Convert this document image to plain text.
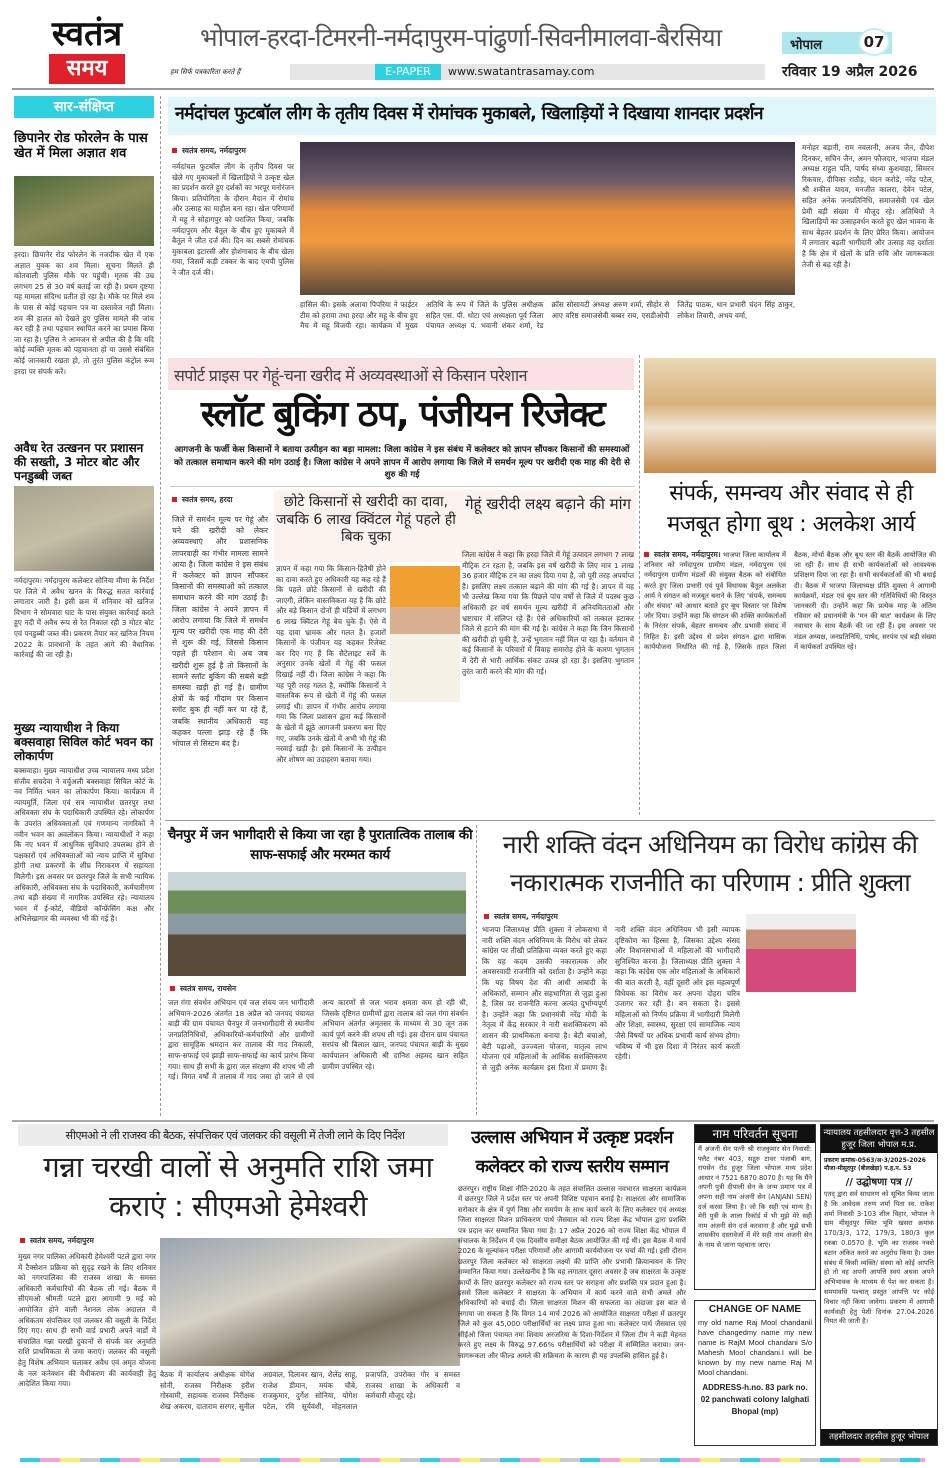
स्वतंत्र
समय
भोपाल-हरदा-टिमरनी-नर्मदापुरम-पांढुर्णा-सिवनीमालवा-बैरसिया
हम सिर्फ पत्रकारिता करते हैं	E-PAPER	www.swatantrasamay.com
भोपाल	07
रविवार 19 अप्रैल 2026
सार-संक्षिप्त
छिपानेर रोड फोरलेन के पास खेत में मिला अज्ञात शव
हरदा। छिपानेर रोड फोरलेन के नजदीक खेत में एक अज्ञात युवक का शव मिला। सूचना मिलते ही कोतवाली पुलिस मौके पर पहुंची। मृतक की उम्र लगभग 25 से 30 वर्ष बताई जा रही है। प्रथम दृष्टया यह मामला संदिग्ध प्रतीत हो रहा है। मौके पर मिले शव के पास से कोई पहचान पत्र या दस्तावेज नहीं मिला। शव की हालत को देखते हुए पुलिस मामले की जांच कर रही है तथा पहचान स्थापित करने का प्रयास किया जा रहा है। पुलिस ने आमजन से अपील की है कि यदि कोई व्यक्ति मृतक को पहचानता हो या उससे संबंधित कोई जानकारी रखता हो, तो तुरंत पुलिस कंट्रोल रूम हरदा पर संपर्क करें।
अवैध रेत उत्खनन पर प्रशासन की सख्ती, 3 मोटर बोट और पनडुब्बी जब्त
नर्मदापुरम। नर्मदापुरम कलेक्टर सोनिया मीणा के निर्देश पर जिले में अवैध खनन के विरुद्ध सतत कार्रवाई लगातार जारी है। इसी क्रम में शनिवार को खनिज विभाग ने सोमवारा घाट के पास संयुक्त कार्रवाई करते हुए नदी में अवैध रूप से रेत निकाल रही 3 मोटर बोट एवं पनडुब्बी जब्त की। प्रकरण तैयार कर खनिज नियम 2022 के प्रावधानों के तहत आगे की वैधानिक कार्रवाई की जा रही है।
मुख्य न्यायाधीश ने किया बक्सवाहा सिविल कोर्ट भवन का लोकार्पण
बक्सवाहा। मुख्य न्यायाधीश उच्च न्यायालय मध्य प्रदेश संजीव सचदेवा ने वर्चुअली बक्सवाहा सिविल कोर्ट के नव निर्मित भवन का लोकार्पण किया। कार्यक्रम में न्यायमूर्ति, जिला एवं सत्र न्यायाधीश छतरपुर तथा अधिवक्ता संघ के पदाधिकारी उपस्थित रहे। लोकार्पण के उपरांत अधिवक्ताओं एवं गणमान्य नागरिकों ने नवीन भवन का अवलोकन किया। न्यायाधीशों ने कहा कि नए भवन में आधुनिक सुविधाएं उपलब्ध होने से पक्षकारों एवं अधिवक्ताओं को न्याय प्राप्ति में सुविधा होगी तथा प्रकरणों के शीघ्र निराकरण में सहायता मिलेगी। इस अवसर पर छतरपुर जिले के सभी न्यायिक अधिकारी, अधिवक्ता संघ के पदाधिकारी, कर्मचारीगण तथा बड़ी संख्या में नागरिक उपस्थित रहे। न्यायालय भवन में ई-कोर्ट, वीडियो कॉन्फ्रेंसिंग कक्ष और अभिलेखागार की व्यवस्था भी की गई है।
नर्मदांचल फुटबॉल लीग के तृतीय दिवस में रोमांचक मुकाबले, खिलाड़ियों ने दिखाया शानदार प्रदर्शन
स्वतंत्र समय, नर्मदापुरम
नर्मदांचल फुटबॉल लीग के तृतीय दिवस पर खेले गए मुकाबलों में खिलाड़ियों ने उत्कृष्ट खेल का प्रदर्शन करते हुए दर्शकों का भरपूर मनोरंजन किया। प्रतियोगिता के दौरान मैदान में रोमांच और उत्साह का माहौल बना रहा। खेल परिणामों में महू ने सोहागपुर को पराजित किया, जबकि नर्मदापुरम और बैतूल के बीच हुए मुकाबले में बैतूल ने जीत दर्ज की। दिन का सबसे रोमांचक मुकाबला इटारसी और होशंगाबाद के बीच खेला गया, जिसमें कड़ी टक्कर के बाद एमपी पुलिस ने जीत दर्ज की।
हासिल की। इसके अलावा पिपरिया ने फाईटर टीम को हराया तथा हरदा और महू के बीच हुए मैच में महू विजयी रहा। कार्यक्रम में मुख्य अतिथि के रूप में जिले के पुलिस अधीक्षक सहित एस. पी. धोटा एवं अध्यक्षता पूर्व जिला पंचायत अध्यक्ष पं. भवानी शंकर शर्मा, रेड क्रॉस सोसायटी अध्यक्ष अरुण शर्मा, सीहोर से आए वरिष्ठ समाजसेवी बब्बर राय, एसडीओपी जितेंद्र पाठक, धान प्रभारी चंदन सिंह ठाकुर, लोकेश तिवारी, अभय वर्मा,
मनोहर बड़ानी, राम नवलानी, अजय जैन, दीपेश दिनकर, सचिन जैन, अमन फौजदार, भाजपा मंडल अध्यक्ष राहुल पति, पार्षद संध्या कुशवाहा, सिमरन रिकवार, दीपिका राठौड़, चंदन करोडे, नरेंद्र पटेल, श्री शकील यादव, मनजीत कालरा, देवेन पटेल, सहित अनेक जनप्रतिनिधि, समाजसेवी एवं खेल प्रेमी बड़ी संख्या में मौजूद रहे। अतिथियों ने खिलाड़ियों का उत्साहवर्धन करते हुए खेल भावना के साथ बेहतर प्रदर्शन के लिए प्रेरित किया। आयोजन में लगातार बढ़ती भागीदारी और उत्साह यह दर्शाता है कि क्षेत्र में खेलों के प्रति रुचि और जागरूकता तेजी से बढ़ रही है।
सपोर्ट प्राइस पर गेहूं-चना खरीद में अव्यवस्थाओं से किसान परेशान
स्लॉट बुकिंग ठप, पंजीयन रिजेक्ट
आगजनी के फर्जी केस किसानों ने बताया उत्पीड़न का बड़ा मामला: जिला कांग्रेस ने इस संबंध में कलेक्टर को ज्ञापन सौंपकर किसानों की समस्याओं को तत्काल समाधान करने की मांग उठाई है। जिला कांग्रेस ने अपने ज्ञापन में आरोप लगाया कि जिले में समर्थन मूल्य पर खरीदी एक माह की देरी से शुरु की गई
स्वतंत्र समय, हरदा
जिले में समर्थन मूल्य पर गेहूं और चने की खरीदी को लेकर अव्यवस्थाएं और प्रशासनिक लापरवाही का गंभीर मामला सामने आया है। जिला कांग्रेस ने इस संबंध में कलेक्टर को ज्ञापन सौंपकर किसानों की समस्याओं को तत्काल समाधान करने की मांग उठाई है। जिला कांग्रेस ने अपने ज्ञापन में आरोप लगाया कि जिले में समर्थन मूल्य पर खरीदी एक माह की देरी से शुरू की गई, जिससे किसान पहले ही परेशान थे। अब जब खरीदी शुरू हुई है तो किसानों के सामने स्लॉट बुकिंग की सबसे बड़ी समस्या खड़ी हो गई है। ग्रामीण क्षेत्रों के कई गौदाम पर किसान स्लॉट बुक ही नहीं कर पा रहे हैं, जबकि स्थानीय अधिकारी यह कहकर पल्ला झाड़ रहे हैं कि भोपाल से सिस्टम बंद है।
छोटे किसानों से खरीदी का दावा, जबकि 6 लाख क्विंटल गेहूं पहले ही बिक चुका
ज्ञापन में कहा गया कि किसान-हितैषी होने का दावा करते हुए अधिकारी यह कह रहे हैं कि पहले छोटे किसानों से खरीदी की जाएगी, लेकिन वास्तविकता यह है कि छोटे और बड़े किसान दोनों ही मंडियों में लगभग 6 लाख क्विंटल गेहूं बेच चुके हैं। ऐसे में यह दावा भ्रामक और गलत है। हजारों किसानों के पंजीयन यह कहकर रिजेक्ट कर दिए गए हैं कि सैटेलाइट सर्वे के अनुसार उनके खेतों में गेहूं की फसल दिखाई नहीं दी। जिला कांग्रेस ने कहा कि यह पूरी तरह गलत है, क्योंकि किसानों ने वास्तविक रूप से खेती में गेहूं की फसल लगाई थी। ज्ञापन में गंभीर आरोप लगाया गया कि जिला प्रशासन द्वारा कई किसानों के खेतों में झूठे आगजनी प्रकरण बना दिए गए, जबकि उनके खेतों में अभी भी गेहूं की नरवाई खड़ी है। इसे किसानों के उत्पीड़न और शोषण का उदाहरण बताया गया।
गेहूं खरीदी लक्ष्य बढ़ाने की मांग
जिला कांग्रेस ने कहा कि हरदा जिले में गेहूं उत्पादन लगभग 7 लाख मीट्रिक टन रहता है, जबकि इस वर्ष खरीदी के लिए मात्र 1 लाख 36 हजार मीट्रिक टन का लक्ष्य दिया गया है, जो पूरी तरह अपर्याप्त है। इसलिए लक्ष्य तत्काल बढ़ाने की मांग की गई है। ज्ञापन में यह भी उल्लेख किया गया कि पिछले पांच वर्षों से जिले में पदस्थ कुछ अधिकारी हर वर्ष समर्थन मूल्य खरीदी में अनियमितताओं और भ्रष्टाचार में संलिप्त रहे हैं। ऐसे अधिकारियों को तत्काल हटाकर जिले से हटाने की मांग की गई है। कांग्रेस ने कहा कि जिन किसानों की खरीदी हो चुकी है, उन्हें भुगतान नहीं मिल पा रहा है। वर्तमान में कई किसानों के परिवारों में विवाह समारोह होने के कारण भुगतान में देरी से भारी आर्थिक संकट उत्पन्न हो रहा है। इसलिए भुगतान तुरंत जारी करने की मांग की गई।
संपर्क, समन्वय और संवाद से ही मजबूत होगा बूथ : अलकेश आर्य
स्वतंत्र समय, नर्मदापुरम। भाजपा जिला कार्यालय में शनिवार को नर्मदापुरम ग्रामीण मंडल, नर्मदापुरम एवं नर्मदापुरम ग्रामीण मंडलों की संयुक्त बैठक को संबोधित करते हुए जिला प्रभारी एवं पूर्व विधायक बैतूल अलकेश आर्य ने संगठन को मजबूत बनाने के लिए 'संपर्क, समन्वय और संवाद' को आधार बताते हुए बूथ विस्तार पर विशेष जोर दिया। उन्होंने कहा कि संगठन की शक्ति कार्यकर्ताओं के निरंतर संपर्क, बेहतर समन्वय और प्रभावी संवाद में निहित है। इसी उद्देश्य से प्रदेश संगठन द्वारा मासिक कार्ययोजना निर्धारित की गई है, जिसके तहत जिला बैठक, मोर्चा बैठक और बूथ स्तर की बैठकें आयोजित की जा रही हैं। साथ ही सभी कार्यकर्ताओं को आवश्यक प्रशिक्षण दिया जा रहा है। सभी कार्यकर्ताओं की भी बधाई दी। बैठक में भाजपा जिलाध्यक्ष प्रीति शुक्ला ने आगामी कार्यक्रमों, मंडल एवं बूथ स्तर की गतिविधियों की विस्तृत जानकारी दी। उन्होंने कहा कि प्रत्येक माह के अंतिम रविवार को प्रधानमंत्री के 'मन की बात' कार्यक्रम के लिए नवाचार के साथ बैठकें की जा रही हैं। इस अवसर पर मंडल अध्यक्ष, जनप्रतिनिधि, पार्षद, सरपंच एवं बड़ी संख्या में कार्यकर्ता उपस्थित रहे।
चैनपुर में जन भागीदारी से किया जा रहा है पुरातात्विक तालाब की साफ-सफाई और मरम्मत कार्य
स्वतंत्र समय, रायसेन
जल गंगा संवर्धन अभियान एवं जल संचय जन भागीदारी अभियान-2026 अंतर्गत 18 अप्रैल को जनपद पंचायत बाड़ी की ग्राम पंचायत चैनपुर में जनभागीदारी से स्थानीय जनप्रतिनिधियों, अधिकारियों-कर्मचारियों और ग्रामीणों द्वारा सामूहिक श्रमदान कर तालाब की गाद निकाली, साफ-सफाई एवं झाड़ी साफ-सफाई का कार्य प्रारंभ किया गया। साथ ही सभी के द्वारा जल संरक्षण की शपथ भी ली गई। विगत वर्षों में तालाब में गाद जमा हो जाने से एवं अन्य कारणों से जल भराव क्षमता कम हो रही थी, जिसके दृष्टिगत ग्रामीणों द्वारा तालाब को जल गंगा संवर्धन अभियान अंतर्गत अमृतसर के माध्यम से 30 जून तक कार्य पूर्ण करने की शपथ ली गई। इस दौरान ग्राम पंचायत सरपंच श्री बिलाल खान, जनपद पंचायत बाड़ी के मुख्य कार्यपालन अधिकारी श्री दानिश अहमद खान सहित ग्रामीण उपस्थित रहे।
नारी शक्ति वंदन अधिनियम का विरोध कांग्रेस की नकारात्मक राजनीति का परिणाम : प्रीति शुक्ला
स्वतंत्र समय, नर्मदापुरम
भाजपा जिलाध्यक्ष प्रीति शुक्ला ने लोकसभा में नारी शक्ति वंदन अधिनियम के विरोध को लेकर कांग्रेस पर तीखी प्रतिक्रिया व्यक्त करते हुए कहा कि यह कदम उसकी नकारात्मक और अवसरवादी राजनीति को दर्शाता है। उन्होंने कहा कि यह विषय देश की आधी आबादी के अधिकारों, सम्मान और सहभागिता से जुड़ा हुआ है, जिस पर राजनीति करना अत्यंत दुर्भाग्यपूर्ण है। उन्होंने कहा कि प्रधानमंत्री नरेंद्र मोदी के नेतृत्व में केंद्र सरकार ने नारी सशक्तिकरण को शासन की प्राथमिकता बनाया है। बेटी बचाओ, बेटी पढ़ाओ, उज्ज्वला योजना, मातृत्व लाभ योजना एवं महिलाओं के आर्थिक सशक्तिकरण से जुड़ी अनेक कार्यक्रम इस दिशा में प्रमाण हैं। नारी शक्ति वंदन अधिनियम भी इसी व्यापक दृष्टिकोण का हिस्सा है, जिसका उद्देश्य संसद और विधानसभाओं में महिलाओं की भागीदारी सुनिश्चित करना है। जिलाध्यक्ष प्रीति शुक्ला ने कहा कि कांग्रेस एक ओर महिलाओं के अधिकारों की बात करती है, वहीं दूसरी ओर इस महत्वपूर्ण विधेयक का विरोध कर अपना दोहरा चरित्र उजागर कर रही है। बन सकता है। इससे महिलाओं को निर्णय प्रक्रिया में भागीदारी मिलेगी और शिक्षा, स्वास्थ्य, सुरक्षा एवं सामाजिक न्याय जैसे विषयों पर अधिक प्रभावी कार्य संभव होगा। भविष्य में भी इस दिशा में निरंतर कार्य करती रहेगी।
सीएमओ ने ली राजस्व की बैठक, संपत्तिकर एवं जलकर की वसूली में तेजी लाने के दिए निर्देश
गन्ना चरखी वालों से अनुमति राशि जमा कराएं : सीएमओ हेमेश्वरी
स्वतंत्र समय, नर्मदापुरम
मुख्य नगर पालिका अधिकारी हेमेश्वरी पटले द्वारा नगर में टैक्सेशन प्रक्रिया को सुदृढ़ रखने के लिए शनिवार को नगरपालिका की राजस्व शाखा के समस्त अधिकारी कर्मचारियों की बैठक ली गई। बैठक में सीएमओ श्रीमती पटले द्वारा आगामी 9 मई को आयोजित होने वाली नेशनल लोक अदालत में अधिकतम संपत्तिकर एवं जलकर की वसूली के निर्देश दिए गए। साथ ही सभी वार्ड प्रभारी अपने वार्डों में संचालित गन्ना चरखी दुकानों से संपर्क कर अनुमति राशि प्राथमिकता से जमा कराएं। जलकर की वसूली हेतु विशेष अभियान चलाकर अवैध एवं अमृत योजना के नल कनेक्शन की वैधीकरण की कार्यवाही हेतु आदेशित किया गया।
बैठक में कार्यालय अधीक्षक योगेश सोनी, राजस्व निरीक्षक हरीश गोस्वामी, सहायक राजस्व निरीक्षक शेख अकरम, दाताराम सरगर, सुनील अग्रवाल, दिलावर खान, शैलेंद्र साहू, राजेश डीमान, मयंक चौबे, राजकुमार, दुर्गेश सोनिया, योगेश पटेल, रवि सूर्यवंशी, मोहनलाल प्रजापति, उपरोक्त गौर व समस्त राजस्व शाखा के अधिकारी व कर्मचारी मौजूद रहे।
उल्लास अभियान में उत्कृष्ट प्रदर्शन कलेक्टर को राज्य स्तरीय सम्मान
छतरपुर। राष्ट्रीय शिक्षा नीति-2020 के तहत संचालित उल्लास नवभारत साक्षरता कार्यक्रम में छतरपुर जिले ने प्रदेश स्तर पर अपनी विशिष्ट पहचान बनाई है। साक्षरता और सामाजिक सरोकार के क्षेत्र में पूर्ण निष्ठा और समर्पण के साथ कार्य करने के लिए कलेक्टर एवं अध्यक्ष जिला साक्षरता मिशन प्राधिकरण पार्थ जैसवाल को राज्य शिक्षा केंद्र भोपाल द्वारा प्रशस्ति पत्र प्रदान कर सम्मानित किया गया है। 17 अप्रैल 2026 को राज्य शिक्षा केंद्र भोपाल में संचालक के निर्देशन में एक दिवसीय समीक्षा बैठक आयोजित की गई थी। इस बैठक में मार्च 2026 के मूल्यांकन परीक्षा परिणामों और आगामी कार्ययोजना पर चर्चा की गई। इसी दौरान छतरपुर जिला कलेक्टर को साक्षरता लक्ष्यों की प्राप्ति और प्रभावी क्रियान्वयन के लिए सम्मानित किया गया। उल्लेखनीय है कि यह लगातार दूसरा अवसर है जब साक्षरता के उत्कृष्ट कार्यों के लिए छतरपुर कलेक्टर को राज्य स्तर पर सराहना और प्रशस्ति पत्र प्रदान हुआ है। इससे जिला कलेक्टर ने साक्षरता के अभियान में कार्य करने वाले सभी अमले और अधिकारियों को बधाई दी। जिला साक्षरता मिशन की सफलता का अंदाजा इस बात से लगाया जा सकता है कि विगत 14 मार्च 2026 को आयोजित साक्षरता परीक्षा में छतरपुर जिले को कुल 45,000 परीक्षार्थियों का लक्ष्य प्राप्त हुआ था। कलेक्टर पार्थ जैसवाल एवं सीईओ जिला पंचायत नमः शिवाय अरजरिया के दिशा-निर्देशन में जिला टीम ने कड़ी मेहनत करते हुए लक्ष्य के विरुद्ध 97.66% परीक्षार्थियों को परीक्षा में सम्मिलित कराया। जन-जागरूकता और फील्ड अमले की सक्रियता के कारण ही यह उपलब्धि हासिल हुई है।
नाम परिवर्तन सूचना
मैं अंजनी सेन पत्नी श्री राजकुमार सेन निवासी: फ्लैट नंबर 403, सद्गुरु टावर पंजाबी बाग, रायसेन रोड हुजूर जिला भोपाल मध्य प्रदेश आधार नं 7521 6870 8070 है। यह कि मैंने अपनी पुत्री दीपाली सेन के जन्म प्रमाण पत्र में अपना सही नाम अंजनी सेन (ANJANI SEN) दर्ज करवा लिया है। जो कि सही एवं मान्य है। मेरी पुत्री के शाला रिकॉर्ड में भी मुझे मेरे सही नाम अंजनी सेन दर्ज करवाना है और मुझे सभी शासकीय दस्तावेजों में मेरे सही नाम अंजनी सेन के नाम से जाना पहचाना जाए।
CHANGE OF NAME
my old name Raj Mool chandanil have changedmy name my new name is RajM Mool chandani S/o Mahesh Mool chandani.I will be known by my new name Raj M Mool chandani.
ADDRESS-h.no. 83 park no. 02 panchwati colony lalghati Bhopal (mp)
न्यायालय तहसीलदार वृत्त-3 तहसील हुजूर जिला भोपाल म.प्र.
प्रकरण क्रमांक-0563/अ-3/2025-2026
मौजा-मीसूदपुर (बीलखेड़ा) प.ह.न. 53
// उद्घोषणा पत्र //
एतद् द्वारा सर्व साधारण को सूचित किया जाता है कि आवेदक तरुण शर्मा पिता स्व. राकेश शर्मा निवासी 3-103 शील विहार, भोपाल ने ग्राम मीसूदपुर स्थित भूमि खसरा क्रमांक 170/3/3, 172, 179/3, 180/3 कुल रकबा 0.0570 है. भूमि का राजस्व नक्शे बटान अंकित करने का अनुरोध किया है। उक्त संबंध में किसी व्यक्ति/ संस्था को कोई आपत्ति हो तो वह अपनी आपत्ति स्वयं अथवा अपने अभिभावक के माध्यम से पेश कर सकता है। समयावधि पश्चात् प्रस्तुत आपत्ति पर कोई विचार नहीं किया जावेगा। प्रकरण में आगामी कार्यवाही हेतु पेशी दिनांक 27.04.2026 नियत की जाती है।
तहसीलदार तहसील हुजूर भोपाल
